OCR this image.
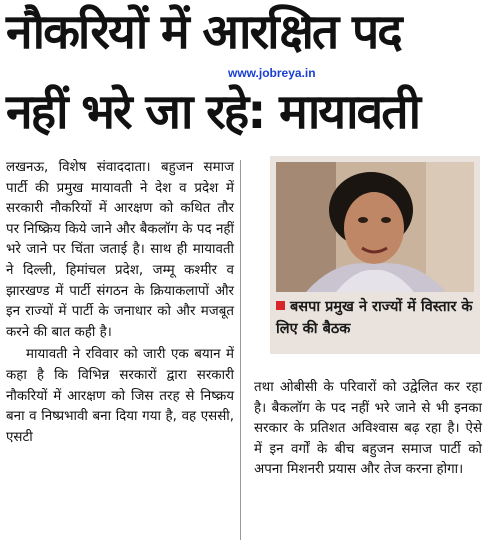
नौकरियों में आरक्षित पद
नहीं भरे जा रहे: मायावती
www.jobreya.in

लखनऊ, विशेष संवाददाता। बहुजन समाज पार्टी की प्रमुख मायावती ने देश व प्रदेश में सरकारी नौकरियों में आरक्षण को कथित तौर पर निष्क्रिय किये जाने और बैकलॉग के पद नहीं भरे जाने पर चिंता जताई है। साथ ही मायावती ने दिल्ली, हिमांचल प्रदेश, जम्मू कश्मीर व झारखण्ड में पार्टी संगठन के क्रियाकलापों और इन राज्यों में पार्टी के जनाधार को और मजबूत करने की बात कही है।

मायावती ने रविवार को जारी एक बयान में कहा है कि विभिन्न सरकारों द्वारा सरकारी नौकरियों में आरक्षण को जिस तरह से निष्क्रय बना व निष्प्रभावी बना दिया गया है, वह एससी, एसटी

बसपा प्रमुख ने राज्यों में विस्तार के लिए की बैठक

तथा ओबीसी के परिवारों को उद्वेलित कर रहा है। बैकलॉग के पद नहीं भरे जाने से भी इनका सरकार के प्रतिशत अविश्वास बढ़ रहा है। ऐसे में इन वर्गों के बीच बहुजन समाज पार्टी को अपना मिशनरी प्रयास और तेज करना होगा।
